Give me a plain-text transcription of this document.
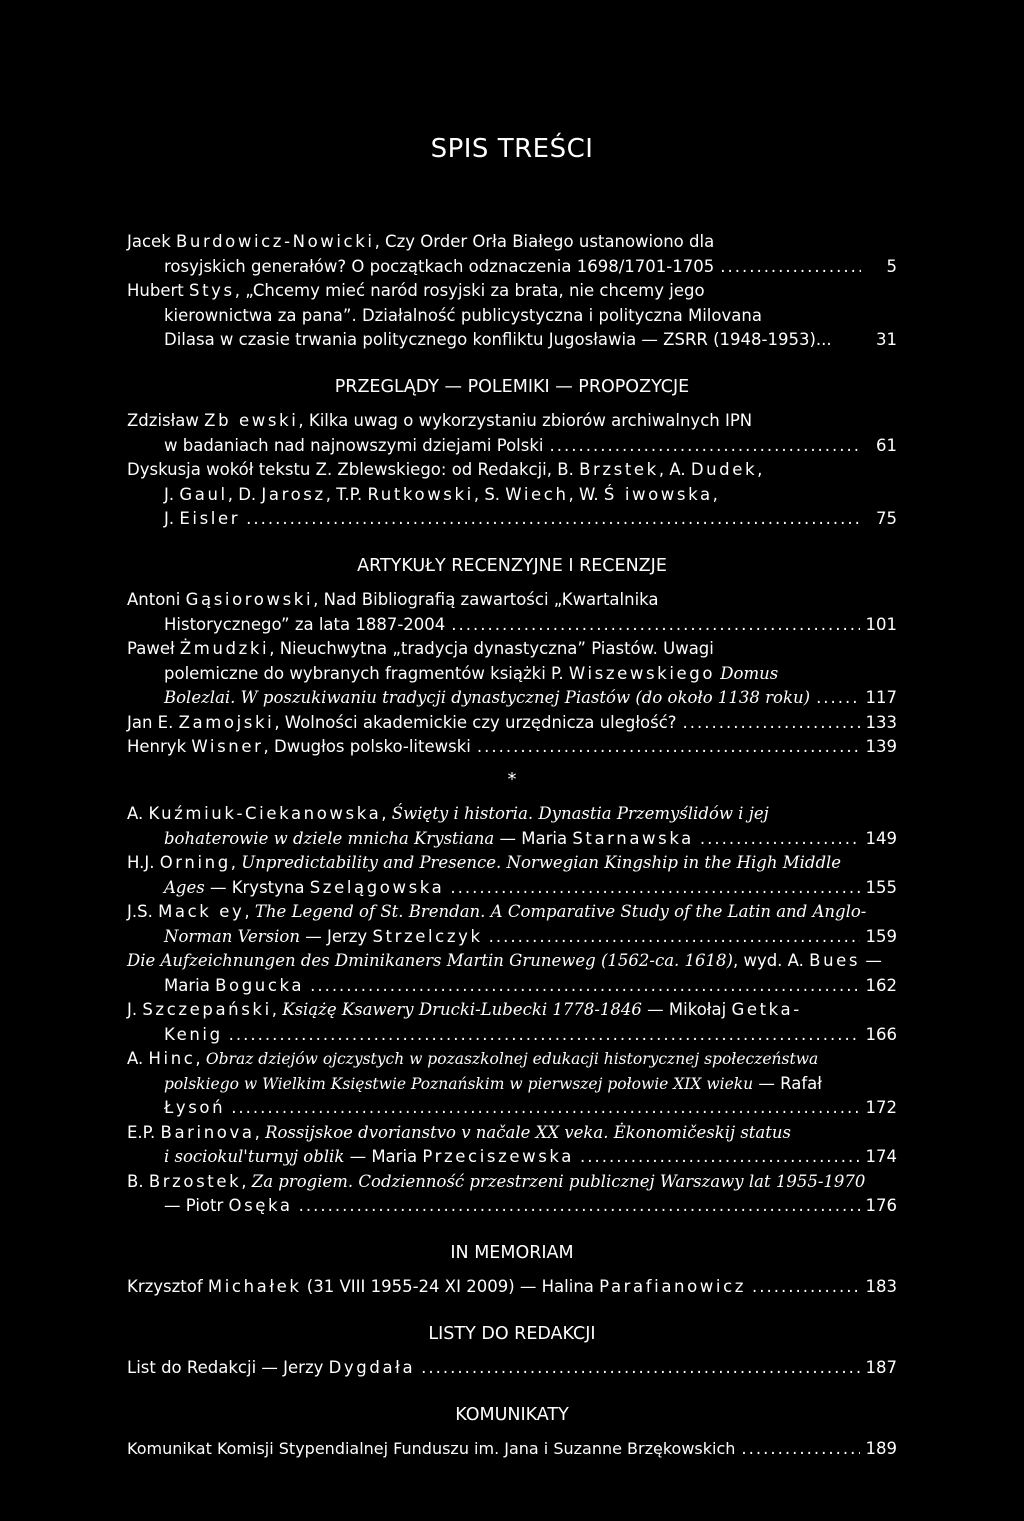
SPIS TREŚCI
Jacek Burdowicz-Nowicki, Czy Order Orła Białego ustanowiono dla
rosyjskich generałów? O początkach odznaczenia 1698/1701-1705 .....	5
Hubert Stys, „Chcemy mieć naród rosyjski za brata, nie chcemy jego
kierownictwa za pana”. Działalność publicystyczna i polityczna Milovana
Dilasa w czasie trwania politycznego konfliktu Jugosławia — ZSRR (1948-1953)...	31
PRZEGLĄDY — POLEMIKI — PROPOZYCJE
Zdzisław Zb ewski, Kilka uwag o wykorzystaniu zbiorów archiwalnych IPN
w badaniach nad najnowszymi dziejami Polski .....	61
Dyskusja wokół tekstu Z. Zblewskiego: od Redakcji, B. Brzstek, A. Dudek,
J. Gaul, D. Jarosz, T.P. Rutkowski, S. Wiech, W. Ś iwowska,
J. Eisler .....	75
ARTYKUŁY RECENZYJNE I RECENZJE
Antoni Gąsiorowski, Nad Bibliografią zawartości „Kwartalnika
Historycznego” za lata 1887-2004 .....	101
Paweł Żmudzki, Nieuchwytna „tradycja dynastyczna” Piastów. Uwagi
polemiczne do wybranych fragmentów książki P. Wiszewskiego Domus
Bolezlai. W poszukiwaniu tradycji dynastycznej Piastów (do około 1138 roku) .....	117
Jan E. Zamojski, Wolności akademickie czy urzędnicza uległość? .....	133
Henryk Wisner, Dwugłos polsko-litewski .....	139
*
A. Kuźmiuk-Ciekanowska, Święty i historia. Dynastia Przemyślidów i jej
bohaterowie w dziele mnicha Krystiana — Maria Starnawska .....	149
H.J. Orning, Unpredictability and Presence. Norwegian Kingship in the High Middle
Ages — Krystyna Szelągowska .....	155
J.S. Mack ey, The Legend of St. Brendan. A Comparative Study of the Latin and Anglo-
Norman Version — Jerzy Strzelczyk .....	159
Die Aufzeichnungen des Dminikaners Martin Gruneweg (1562-ca. 1618), wyd. A. Bues —
Maria Bogucka .....	162
J. Szczepański, Książę Ksawery Drucki-Lubecki 1778-1846 — Mikołaj Getka-
Kenig .....	166
A. Hinc, Obraz dziejów ojczystych w pozaszkolnej edukacji historycznej społeczeństwa
polskiego w Wielkim Księstwie Poznańskim w pierwszej połowie XIX wieku — Rafał
Łysoń .....	172
E.P. Barinova, Rossijskoe dvorianstvo v načale XX veka. Ėkonomičeskij status
i sociokul'turnyj oblik — Maria Przeciszewska .....	174
B. Brzostek, Za progiem. Codzienność przestrzeni publicznej Warszawy lat 1955-1970
— Piotr Osęka .....	176
IN MEMORIAM
Krzysztof Michałek (31 VIII 1955-24 XI 2009) — Halina Parafianowicz .....	183
LISTY DO REDAKCJI
List do Redakcji — Jerzy Dygdała .....	187
KOMUNIKATY
Komunikat Komisji Stypendialnej Funduszu im. Jana i Suzanne Brzękowskich .....	189
